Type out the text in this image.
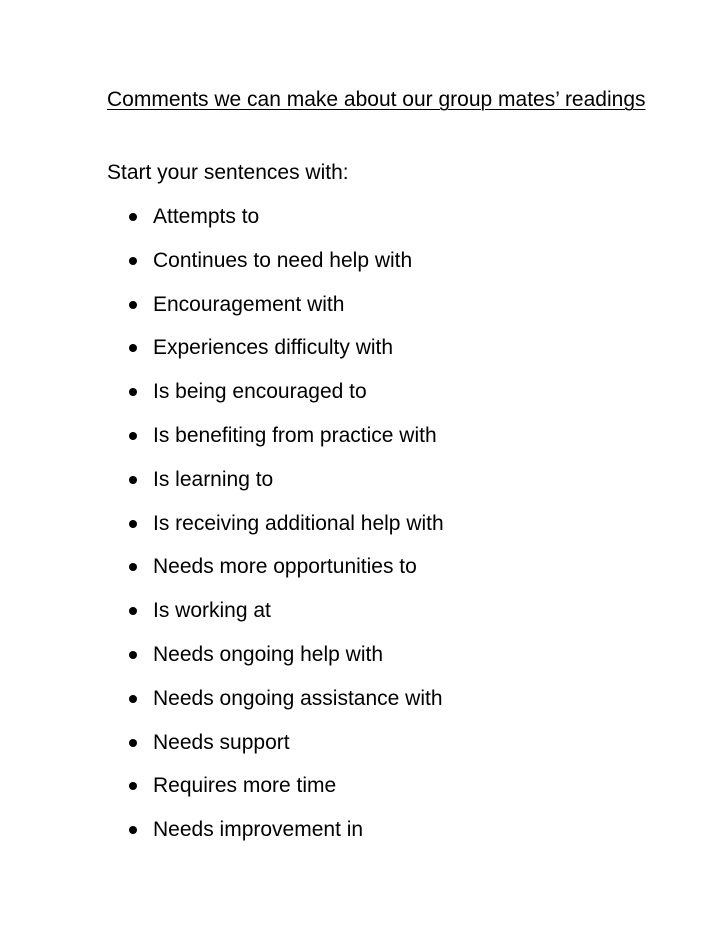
Comments we can make about our group mates’ readings

Start your sentences with:

Attempts to
Continues to need help with
Encouragement with
Experiences difficulty with
Is being encouraged to
Is benefiting from practice with
Is learning to
Is receiving additional help with
Needs more opportunities to
Is working at
Needs ongoing help with
Needs ongoing assistance with
Needs support
Requires more time
Needs improvement in
